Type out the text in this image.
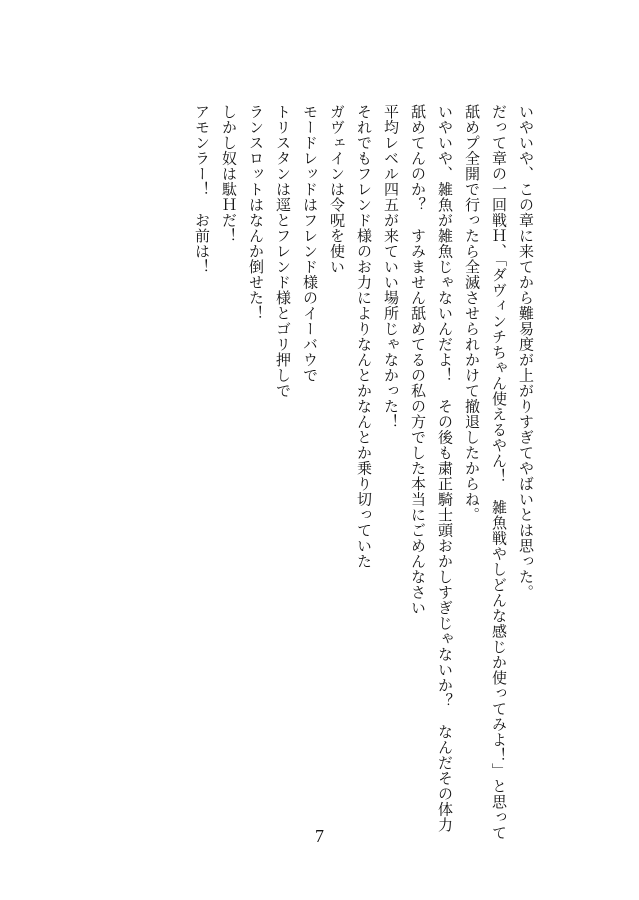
いやいや、この章に来てから難易度が上がりすぎてやばいとは思った。
だって章の一回戦Ｈ、「ダヴィンチちゃん使えるやん！　雑魚戦やしどんな感じか使ってみよ！」と思って舐めプ全開で行ったら全滅させられかけて撤退したからね。
いやいや、雑魚が雑魚じゃないんだよ！　その後も粛正騎士頭おかしすぎじゃないか？　なんだその体力舐めてんのか？　すみません舐めてるの私の方でした本当にごめんなさい
平均レベル四五が来ていい場所じゃなかった！
それでもフレンド様のお力によりなんとかなんとか乗り切っていた
ガヴェインは令呪を使い
モードレッドはフレンド様のイーバウで
トリスタンは逕とフレンド様とゴリ押しで
ランスロットはなんか倒せた！
しかし奴は駄Ｈだ！
アモンラー！　お前は！
7
